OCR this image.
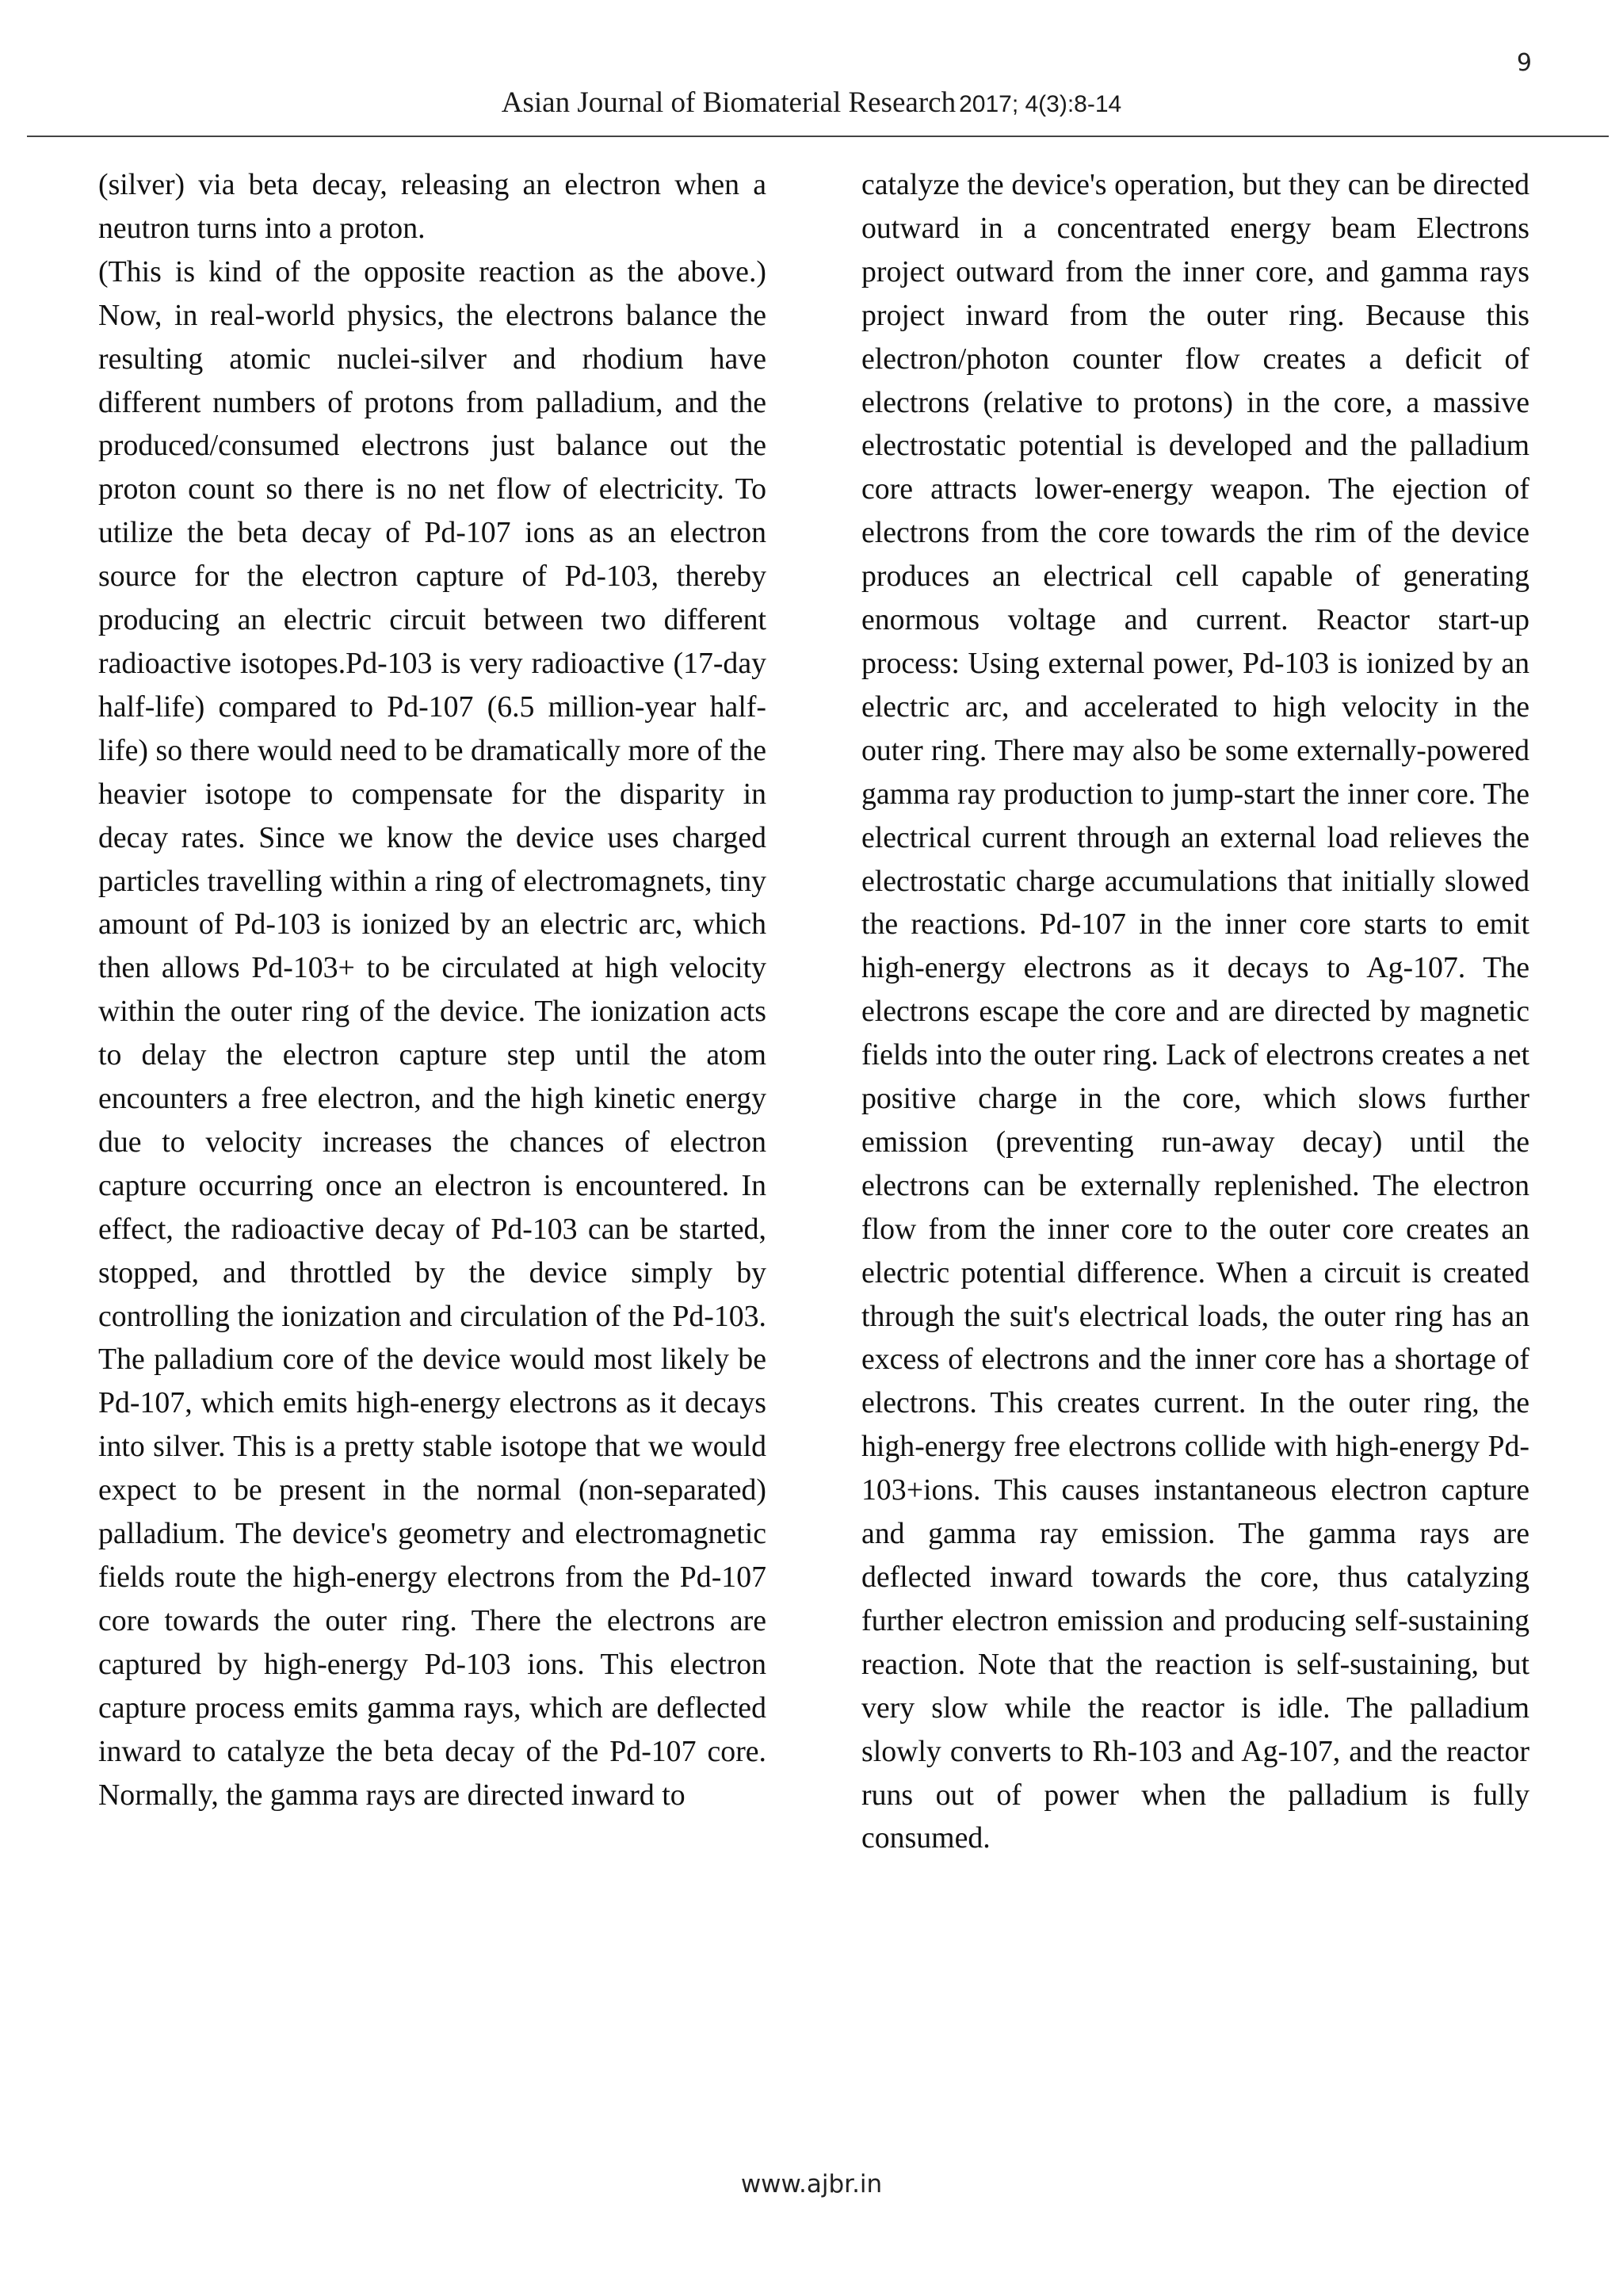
9
Asian Journal of Biomaterial Research 2017; 4(3):8-14

(silver) via beta decay, releasing an electron when a neutron turns into a proton.

(This is kind of the opposite reaction as the above.) Now, in real-world physics, the electrons balance the resulting atomic nuclei-silver and rhodium have different numbers of protons from palladium, and the produced/consumed electrons just balance out the proton count so there is no net flow of electricity. To utilize the beta decay of Pd-107 ions as an electron source for the electron capture of Pd-103, thereby producing an electric circuit between two different radioactive isotopes.Pd-103 is very radioactive (17-day half-life) compared to Pd-107 (6.5 million-year half-life) so there would need to be dramatically more of the heavier isotope to compensate for the disparity in decay rates. Since we know the device uses charged particles travelling within a ring of electromagnets, tiny amount of Pd-103 is ionized by an electric arc, which then allows Pd-103+ to be circulated at high velocity within the outer ring of the device. The ionization acts to delay the electron capture step until the atom encounters a free electron, and the high kinetic energy due to velocity increases the chances of electron capture occurring once an electron is encountered. In effect, the radioactive decay of Pd-103 can be started, stopped, and throttled by the device simply by controlling the ionization and circulation of the Pd-103. The palladium core of the device would most likely be Pd-107, which emits high-energy electrons as it decays into silver. This is a pretty stable isotope that we would expect to be present in the normal (non-separated) palladium. The device's geometry and electromagnetic fields route the high-energy electrons from the Pd-107 core towards the outer ring. There the electrons are captured by high-energy Pd-103 ions. This electron capture process emits gamma rays, which are deflected inward to catalyze the beta decay of the Pd-107 core. Normally, the gamma rays are directed inward to

catalyze the device's operation, but they can be directed outward in a concentrated energy beam Electrons project outward from the inner core, and gamma rays project inward from the outer ring. Because this electron/photon counter flow creates a deficit of electrons (relative to protons) in the core, a massive electrostatic potential is developed and the palladium core attracts lower-energy weapon. The ejection of electrons from the core towards the rim of the device produces an electrical cell capable of generating enormous voltage and current. Reactor start-up process: Using external power, Pd-103 is ionized by an electric arc, and accelerated to high velocity in the outer ring. There may also be some externally-powered gamma ray production to jump-start the inner core. The electrical current through an external load relieves the electrostatic charge accumulations that initially slowed the reactions. Pd-107 in the inner core starts to emit high-energy electrons as it decays to Ag-107. The electrons escape the core and are directed by magnetic fields into the outer ring. Lack of electrons creates a net positive charge in the core, which slows further emission (preventing run-away decay) until the electrons can be externally replenished. The electron flow from the inner core to the outer core creates an electric potential difference. When a circuit is created through the suit's electrical loads, the outer ring has an excess of electrons and the inner core has a shortage of electrons. This creates current. In the outer ring, the high-energy free electrons collide with high-energy Pd-103+ions. This causes instantaneous electron capture and gamma ray emission. The gamma rays are deflected inward towards the core, thus catalyzing further electron emission and producing self-sustaining reaction. Note that the reaction is self-sustaining, but very slow while the reactor is idle. The palladium slowly converts to Rh-103 and Ag-107, and the reactor runs out of power when the palladium is fully consumed.

www.ajbr.in
